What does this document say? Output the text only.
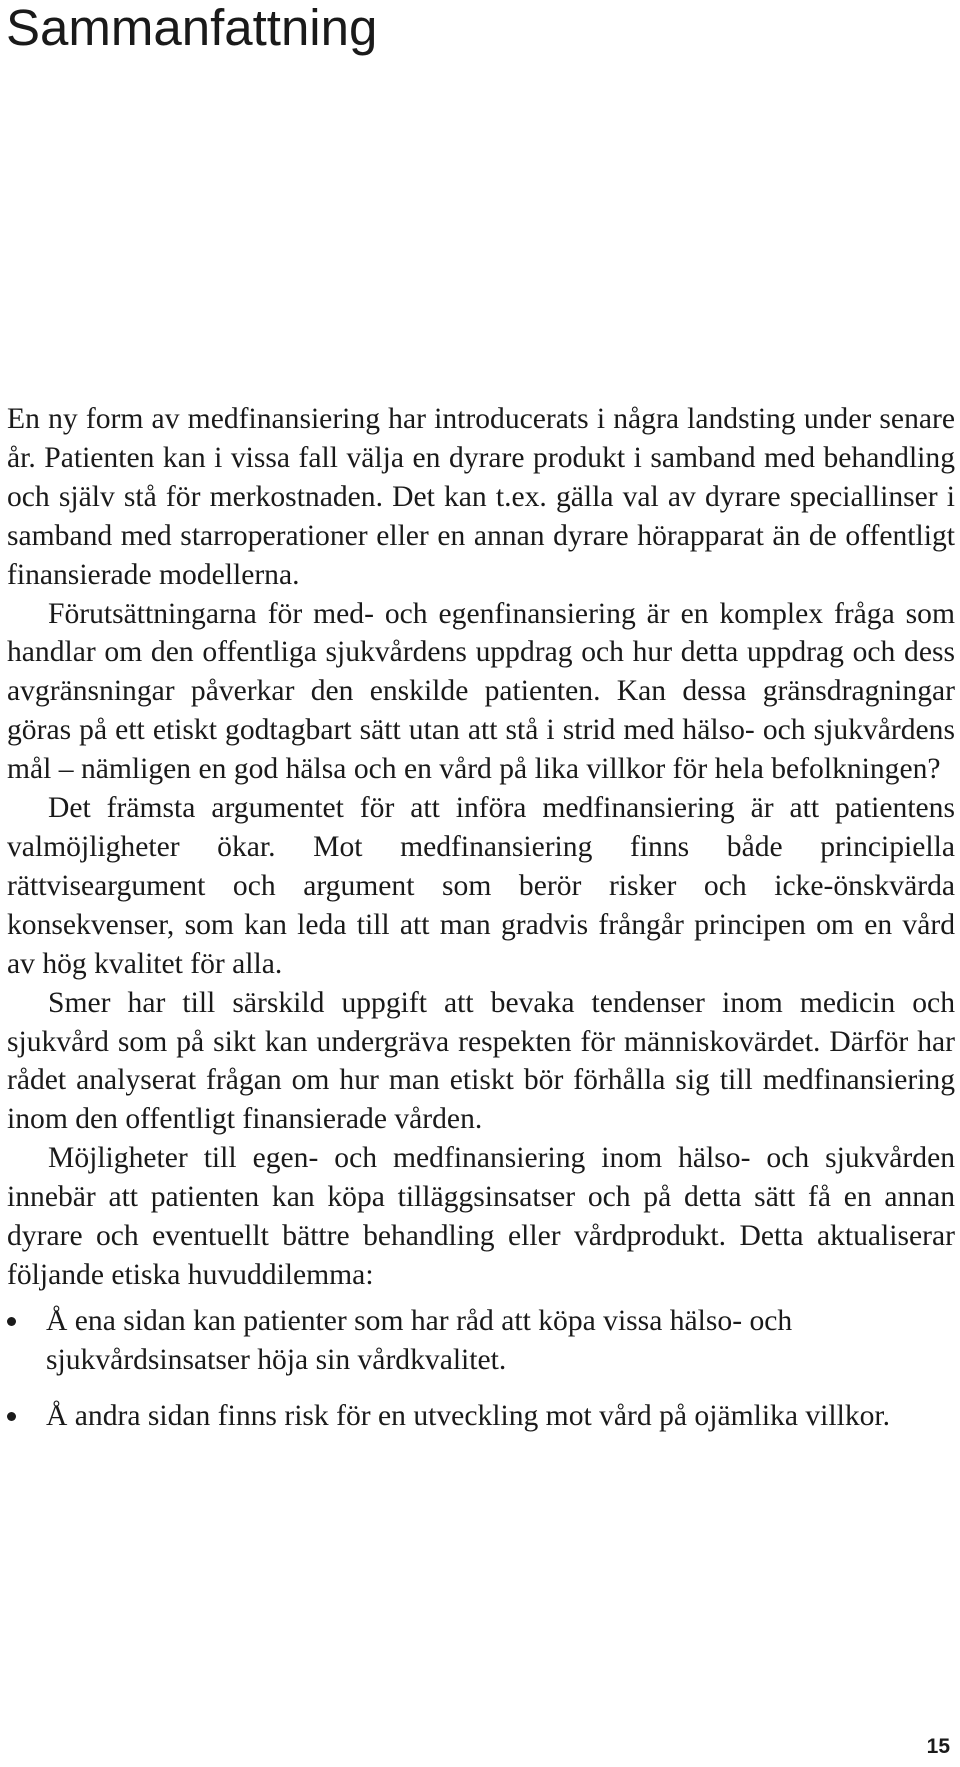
Sammanfattning

En ny form av medfinansiering har introducerats i några landsting under senare år. Patienten kan i vissa fall välja en dyrare produkt i samband med behandling och själv stå för merkostnaden. Det kan t.ex. gälla val av dyrare speciallinser i samband med starroperationer eller en annan dyrare hörapparat än de offentligt finansierade modellerna.

Förutsättningarna för med- och egenfinansiering är en komplex fråga som handlar om den offentliga sjukvårdens uppdrag och hur detta uppdrag och dess avgränsningar påverkar den enskilde patienten. Kan dessa gränsdragningar göras på ett etiskt godtagbart sätt utan att stå i strid med hälso- och sjukvårdens mål – nämligen en god hälsa och en vård på lika villkor för hela befolkningen?

Det främsta argumentet för att införa medfinansiering är att patientens valmöjligheter ökar. Mot medfinansiering finns både principiella rättviseargument och argument som berör risker och icke-önskvärda konsekvenser, som kan leda till att man gradvis frångår principen om en vård av hög kvalitet för alla.

Smer har till särskild uppgift att bevaka tendenser inom medicin och sjukvård som på sikt kan undergräva respekten för människovärdet. Därför har rådet analyserat frågan om hur man etiskt bör förhålla sig till medfinansiering inom den offentligt finansierade vården.

Möjligheter till egen- och medfinansiering inom hälso- och sjukvården innebär att patienten kan köpa tilläggsinsatser och på detta sätt få en annan dyrare och eventuellt bättre behandling eller vårdprodukt. Detta aktualiserar följande etiska huvuddilemma:

Å ena sidan kan patienter som har råd att köpa vissa hälso- och sjukvårdsinsatser höja sin vårdkvalitet.
Å andra sidan finns risk för en utveckling mot vård på ojämlika villkor.
15
